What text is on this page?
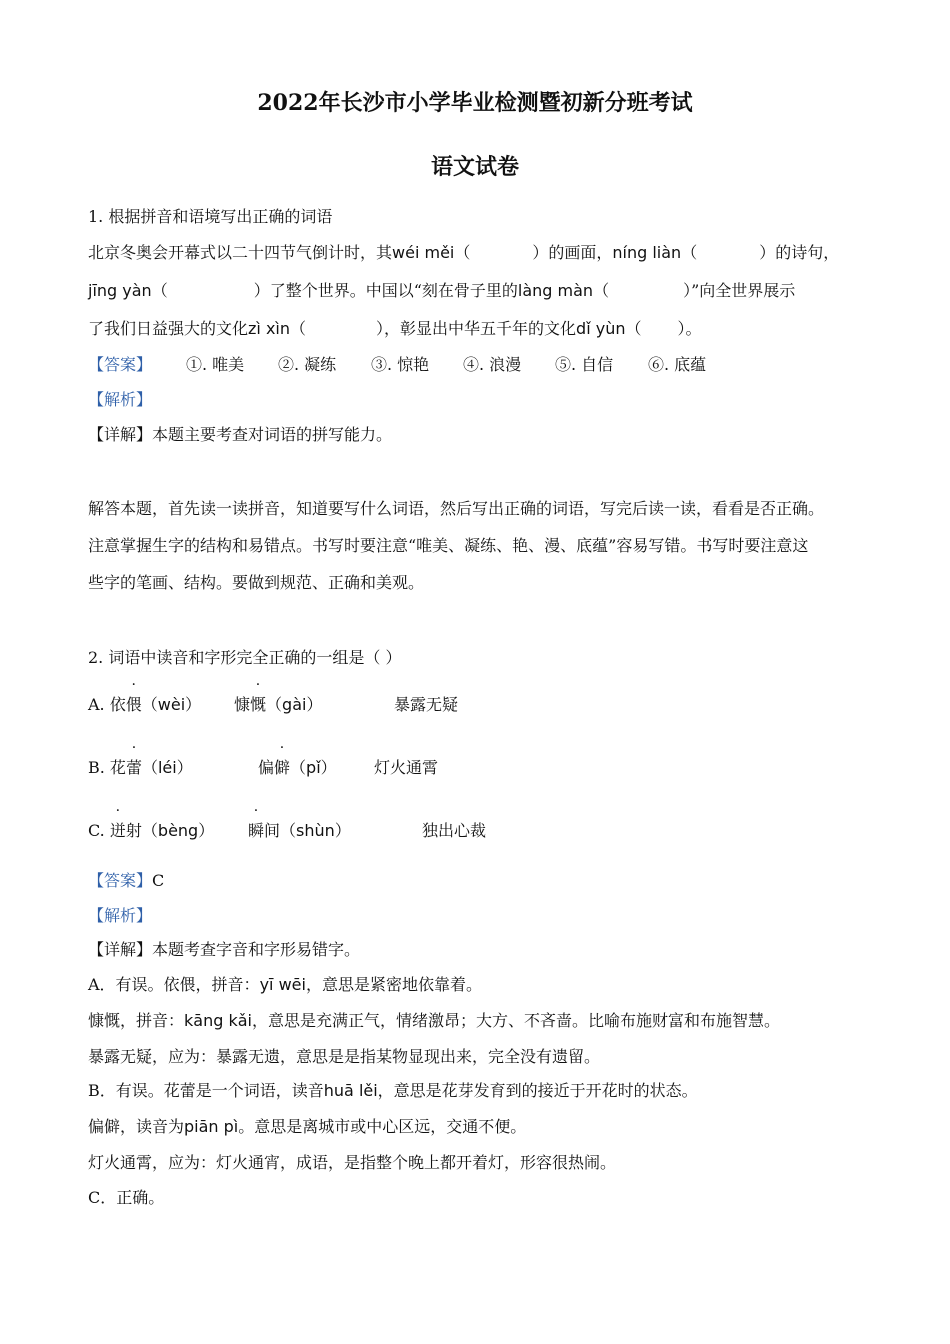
2022年长沙市小学毕业检测暨初新分班考试
语文试卷
1. 根据拼音和语境写出正确的词语
北京冬奥会开幕式以二十四节气倒计时，其wéi měi（	）的画面，níng liàn（	）的诗句，
jīng yàn（	）了整个世界。中国以“刻在骨子里的làng màn（	）”向全世界展示
了我们日益强大的文化zì xìn（	），彰显出中华五千年的文化dǐ yùn（ ）。
【答案】 ①. 唯美 ②. 凝练 ③. 惊艳 ④. 浪漫 ⑤. 自信 ⑥. 底蕴
【解析】
【详解】本题主要考查对词语的拼写能力。
解答本题，首先读一读拼音，知道要写什么词语，然后写出正确的词语，写完后读一读，看看是否正确。
注意掌握生字的结构和易错点。书写时要注意“唯美、凝练、艳、漫、底蕴”容易写错。书写时要注意这
些字的笔画、结构。要做到规范、正确和美观。
2. 词语中读音和字形完全正确的一组是（ ）
A. 依偎（wèi） 慷慨（gài）	暴露无疑
B. 花蕾（léi）	偏僻（pǐ） 灯火通霄
C. 迸射（bèng） 瞬间（shùn）	独出心裁
【答案】C
【解析】
【详解】本题考查字音和字形易错字。
A．有误。依偎，拼音：yī wēi，意思是紧密地依靠着。
慷慨，拼音：kāng kǎi，意思是充满正气，情绪激昂；大方、不吝啬。比喻布施财富和布施智慧。
暴露无疑，应为：暴露无遗，意思是是指某物显现出来，完全没有遗留。
B．有误。花蕾是一个词语，读音huā lěi，意思是花芽发育到的接近于开花时的状态。
偏僻，读音为piān pì。意思是离城市或中心区远，交通不便。
灯火通霄，应为：灯火通宵，成语，是指整个晚上都开着灯，形容很热闹。
C．正确。
